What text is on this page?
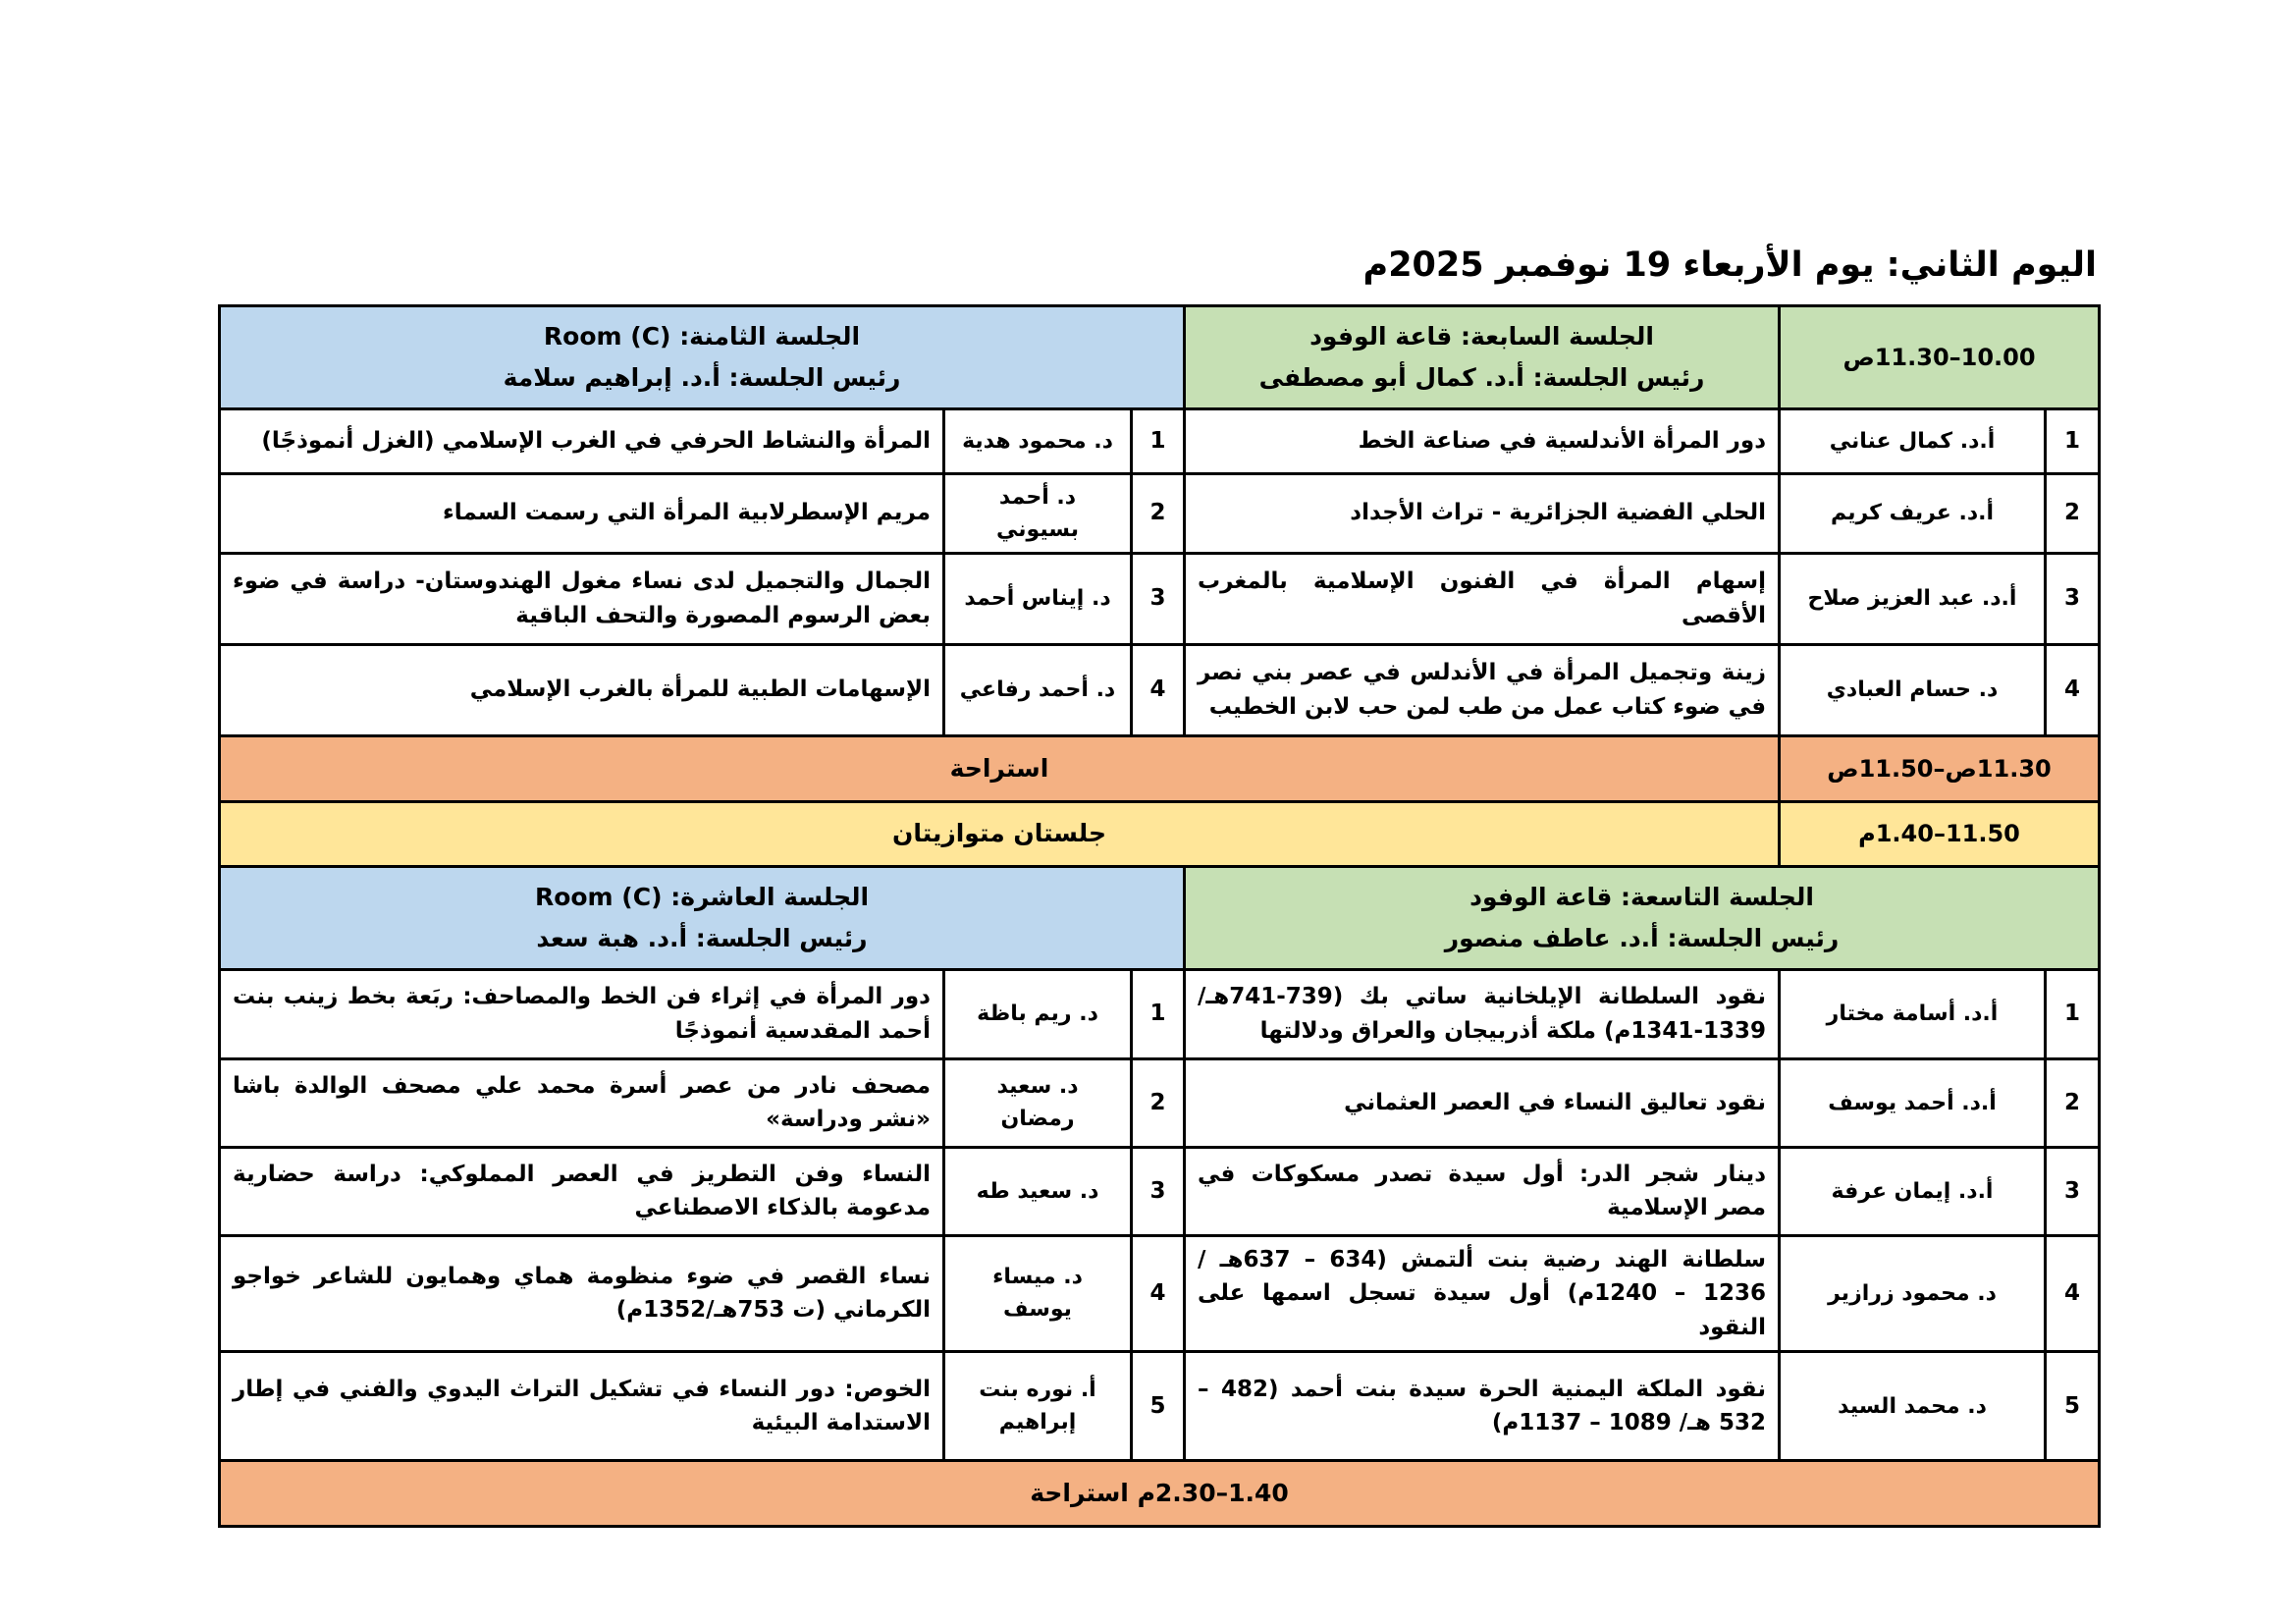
اليوم الثاني: يوم الأربعاء 19 نوفمبر 2025م
10.00–11.30ص
الجلسة السابعة: قاعة الوفود
رئيس الجلسة: أ.د. كمال أبو مصطفى
الجلسة الثامنة: Room (C)
رئيس الجلسة: أ.د. إبراهيم سلامة
1
أ.د. كمال عناني
دور المرأة الأندلسية في صناعة الخط
1
د. محمود هدية
المرأة والنشاط الحرفي في الغرب الإسلامي (الغزل أنموذجًا)
2
أ.د. عريف كريم
الحلي الفضية الجزائرية - تراث الأجداد
2
د. أحمد بسيوني
مريم الإسطرلابية المرأة التي رسمت السماء
3
أ.د. عبد العزيز صلاح
إسهام المرأة في الفنون الإسلامية بالمغرب الأقصى
3
د. إيناس أحمد
الجمال والتجميل لدى نساء مغول الهندوستان- دراسة في ضوء بعض الرسوم المصورة والتحف الباقية
4
د. حسام العبادي
زينة وتجميل المرأة في الأندلس في عصر بني نصر في ضوء كتاب عمل من طب لمن حب لابن الخطيب
4
د. أحمد رفاعي
الإسهامات الطبية للمرأة بالغرب الإسلامي
11.30ص–11.50ص
استراحة
11.50–1.40م
جلستان متوازيتان
الجلسة التاسعة: قاعة الوفود
رئيس الجلسة: أ.د. عاطف منصور
الجلسة العاشرة: Room (C)
رئيس الجلسة: أ.د. هبة سعد
1
أ.د. أسامة مختار
نقود السلطانة الإيلخانية ساتي بك (739-741هـ/ 1339-1341م) ملكة أذربيجان والعراق ودلالتها
1
د. ريم باظة
دور المرأة في إثراء فن الخط والمصاحف: ربَعة بخط زينب بنت أحمد المقدسية أنموذجًا
2
أ.د. أحمد يوسف
نقود تعاليق النساء في العصر العثماني
2
د. سعيد رمضان
مصحف نادر من عصر أسرة محمد علي مصحف الوالدة باشا «نشر ودراسة»
3
أ.د. إيمان عرفة
دينار شجر الدر: أول سيدة تصدر مسكوكات في مصر الإسلامية
3
د. سعيد طه
النساء وفن التطريز في العصر المملوكي: دراسة حضارية مدعومة بالذكاء الاصطناعي
4
د. محمود زرازير
سلطانة الهند رضية بنت ألتمش (634 – 637هـ / 1236 – 1240م) أول سيدة تسجل اسمها على النقود
4
د. ميساء يوسف
نساء القصر في ضوء منظومة هماي وهمايون للشاعر خواجو الكرماني (ت 753هـ/1352م)
5
د. محمد السيد
نقود الملكة اليمنية الحرة سيدة بنت أحمد (482 – 532 هـ/ 1089 – 1137م)
5
أ. نوره بنت إبراهيم
الخوص: دور النساء في تشكيل التراث اليدوي والفني في إطار الاستدامة البيئية
1.40–2.30م استراحة
